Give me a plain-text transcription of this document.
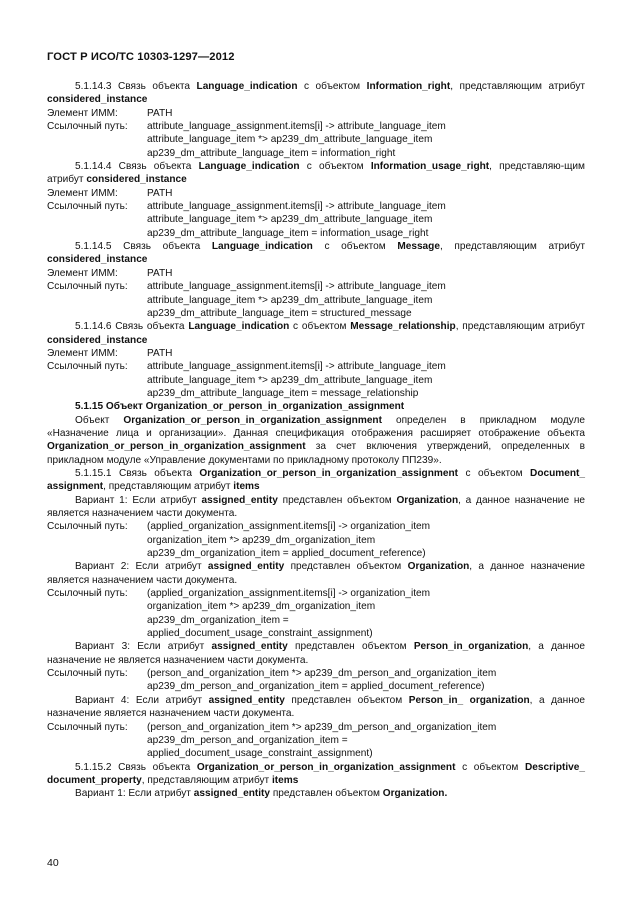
ГОСТ Р ИСО/ТС 10303-1297—2012
5.1.14.3 Связь объекта Language_indication с объектом Information_right, представляющим атрибут considered_instance
Элемент ИММ:	PATH
Ссылочный путь:	attribute_language_assignment.items[i] -> attribute_language_item
attribute_language_item *> ap239_dm_attribute_language_item
ap239_dm_attribute_language_item = information_right
5.1.14.4 Связь объекта Language_indication с объектом Information_usage_right, представляю-щим атрибут considered_instance
Элемент ИММ:	PATH
Ссылочный путь:	attribute_language_assignment.items[i] -> attribute_language_item
attribute_language_item *> ap239_dm_attribute_language_item
ap239_dm_attribute_language_item = information_usage_right
5.1.14.5 Связь объекта Language_indication с объектом Message, представляющим атрибут considered_instance
Элемент ИММ:	PATH
Ссылочный путь:	attribute_language_assignment.items[i] -> attribute_language_item
attribute_language_item *> ap239_dm_attribute_language_item
ap239_dm_attribute_language_item = structured_message
5.1.14.6 Связь объекта Language_indication с объектом Message_relationship, представляющим атрибут considered_instance
Элемент ИММ:	PATH
Ссылочный путь:	attribute_language_assignment.items[i] -> attribute_language_item
attribute_language_item *> ap239_dm_attribute_language_item
ap239_dm_attribute_language_item = message_relationship
5.1.15 Объект Organization_or_person_in_organization_assignment
Объект Organization_or_person_in_organization_assignment определен в прикладном модуле «Назначение лица и организации». Данная спецификация отображения расширяет отображение объекта Organization_or_person_in_organization_assignment за счет включения утверждений, определенных в прикладном модуле «Управление документами по прикладному протоколу ПП239».
5.1.15.1 Связь объекта Organization_or_person_in_organization_assignment с объектом Document_ assignment, представляющим атрибут items
Вариант 1: Если атрибут assigned_entity представлен объектом Organization, а данное назначение не является назначением части документа.
Ссылочный путь:	(applied_organization_assignment.items[i] -> organization_item
organization_item *> ap239_dm_organization_item
ap239_dm_organization_item = applied_document_reference)
Вариант 2: Если атрибут assigned_entity представлен объектом Organization, а данное назначение является назначением части документа.
Ссылочный путь:	(applied_organization_assignment.items[i] -> organization_item
organization_item *> ap239_dm_organization_item
ap239_dm_organization_item =
applied_document_usage_constraint_assignment)
Вариант 3: Если атрибут assigned_entity представлен объектом Person_in_organization, а данное назначение не является назначением части документа.
Ссылочный путь:	(person_and_organization_item *> ap239_dm_person_and_organization_item
ap239_dm_person_and_organization_item = applied_document_reference)
Вариант 4: Если атрибут assigned_entity представлен объектом Person_in_ organization, а данное назначение является назначением части документа.
Ссылочный путь:	(person_and_organization_item *> ap239_dm_person_and_organization_item
ap239_dm_person_and_organization_item =
applied_document_usage_constraint_assignment)
5.1.15.2 Связь объекта Organization_or_person_in_organization_assignment с объектом Descriptive_ document_property, представляющим атрибут items
Вариант 1: Если атрибут assigned_entity представлен объектом Organization.
40
